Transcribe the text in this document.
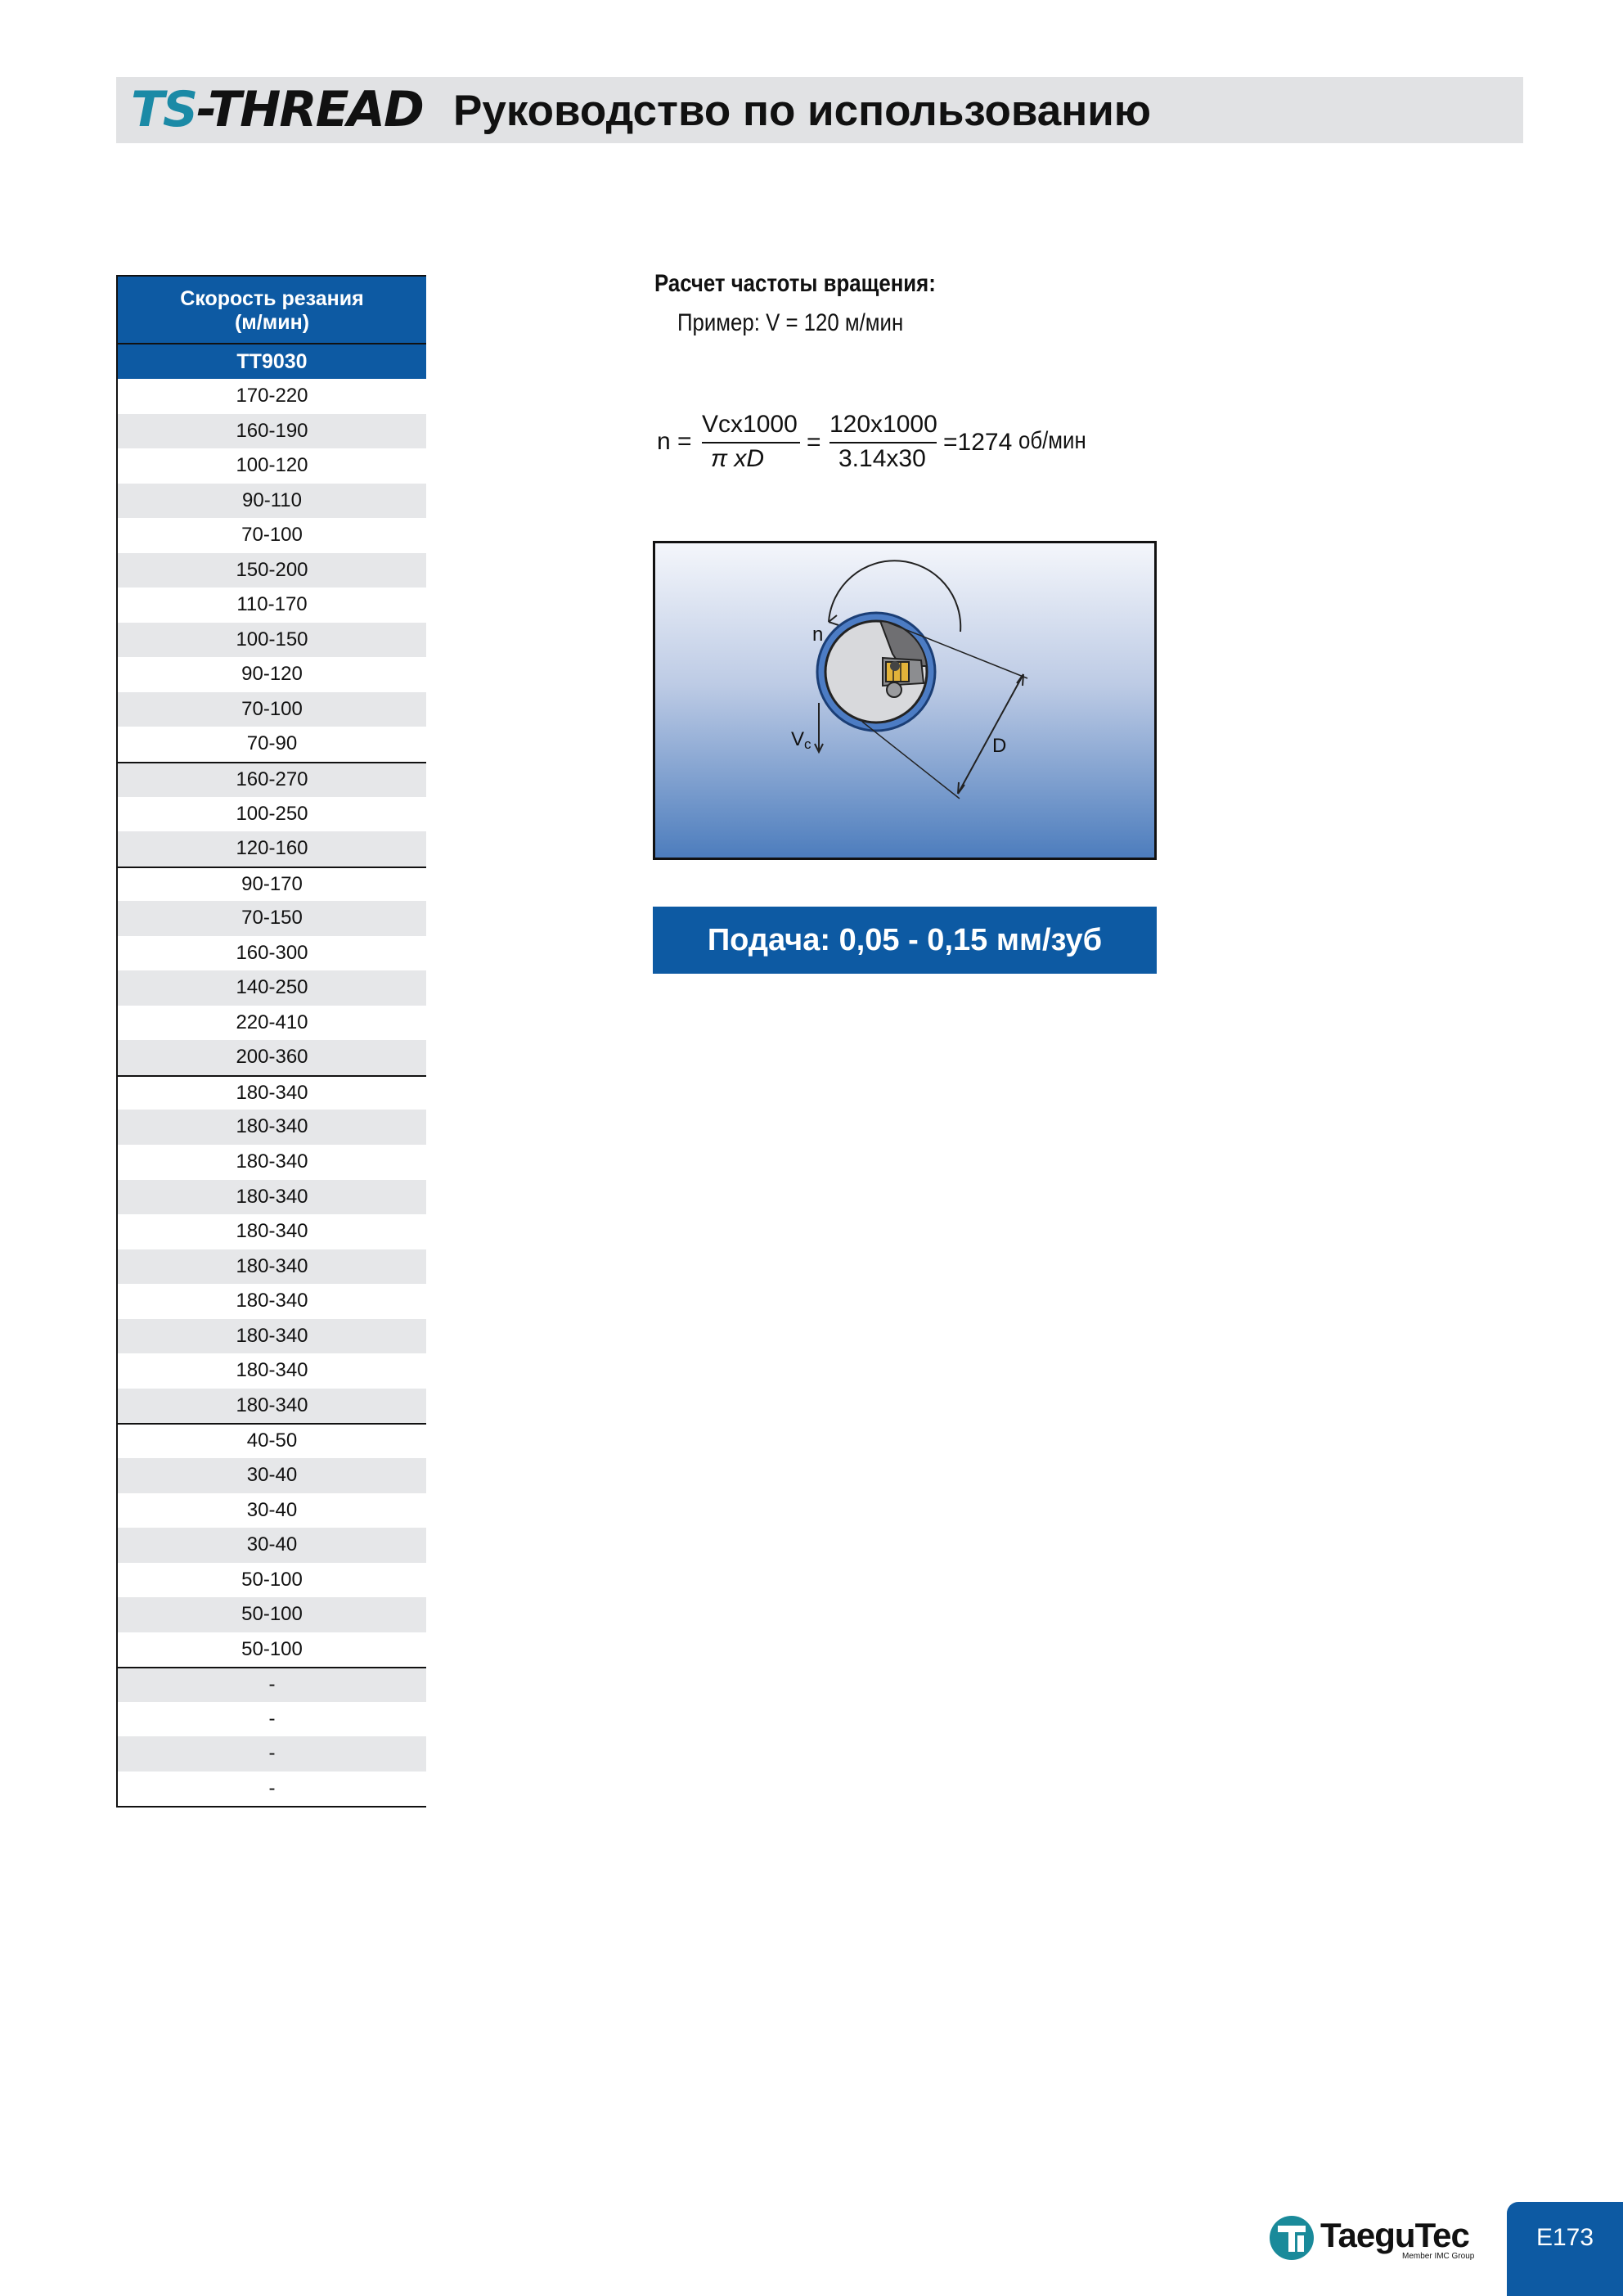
TS-THREAD Руководство по использованию
Скорость резания
(м/мин)
TT9030
170-220
160-190
100-120
90-110
70-100
150-200
110-170
100-150
90-120
70-100
70-90
160-270
100-250
120-160
90-170
70-150
160-300
140-250
220-410
200-360
180-340
180-340
180-340
180-340
180-340
180-340
180-340
180-340
180-340
180-340
40-50
30-40
30-40
30-40
50-100
50-100
50-100
-
-
-
-
Расчет частоты вращения:
Пример: V = 120 м/мин
n =
Vcx1000
π xD
=
120x1000
3.14x30
=1274 об/мин
n
Vc	D
Подача: 0,05 - 0,15 мм/зуб
TaeguTec
Member IMC Group
E173
